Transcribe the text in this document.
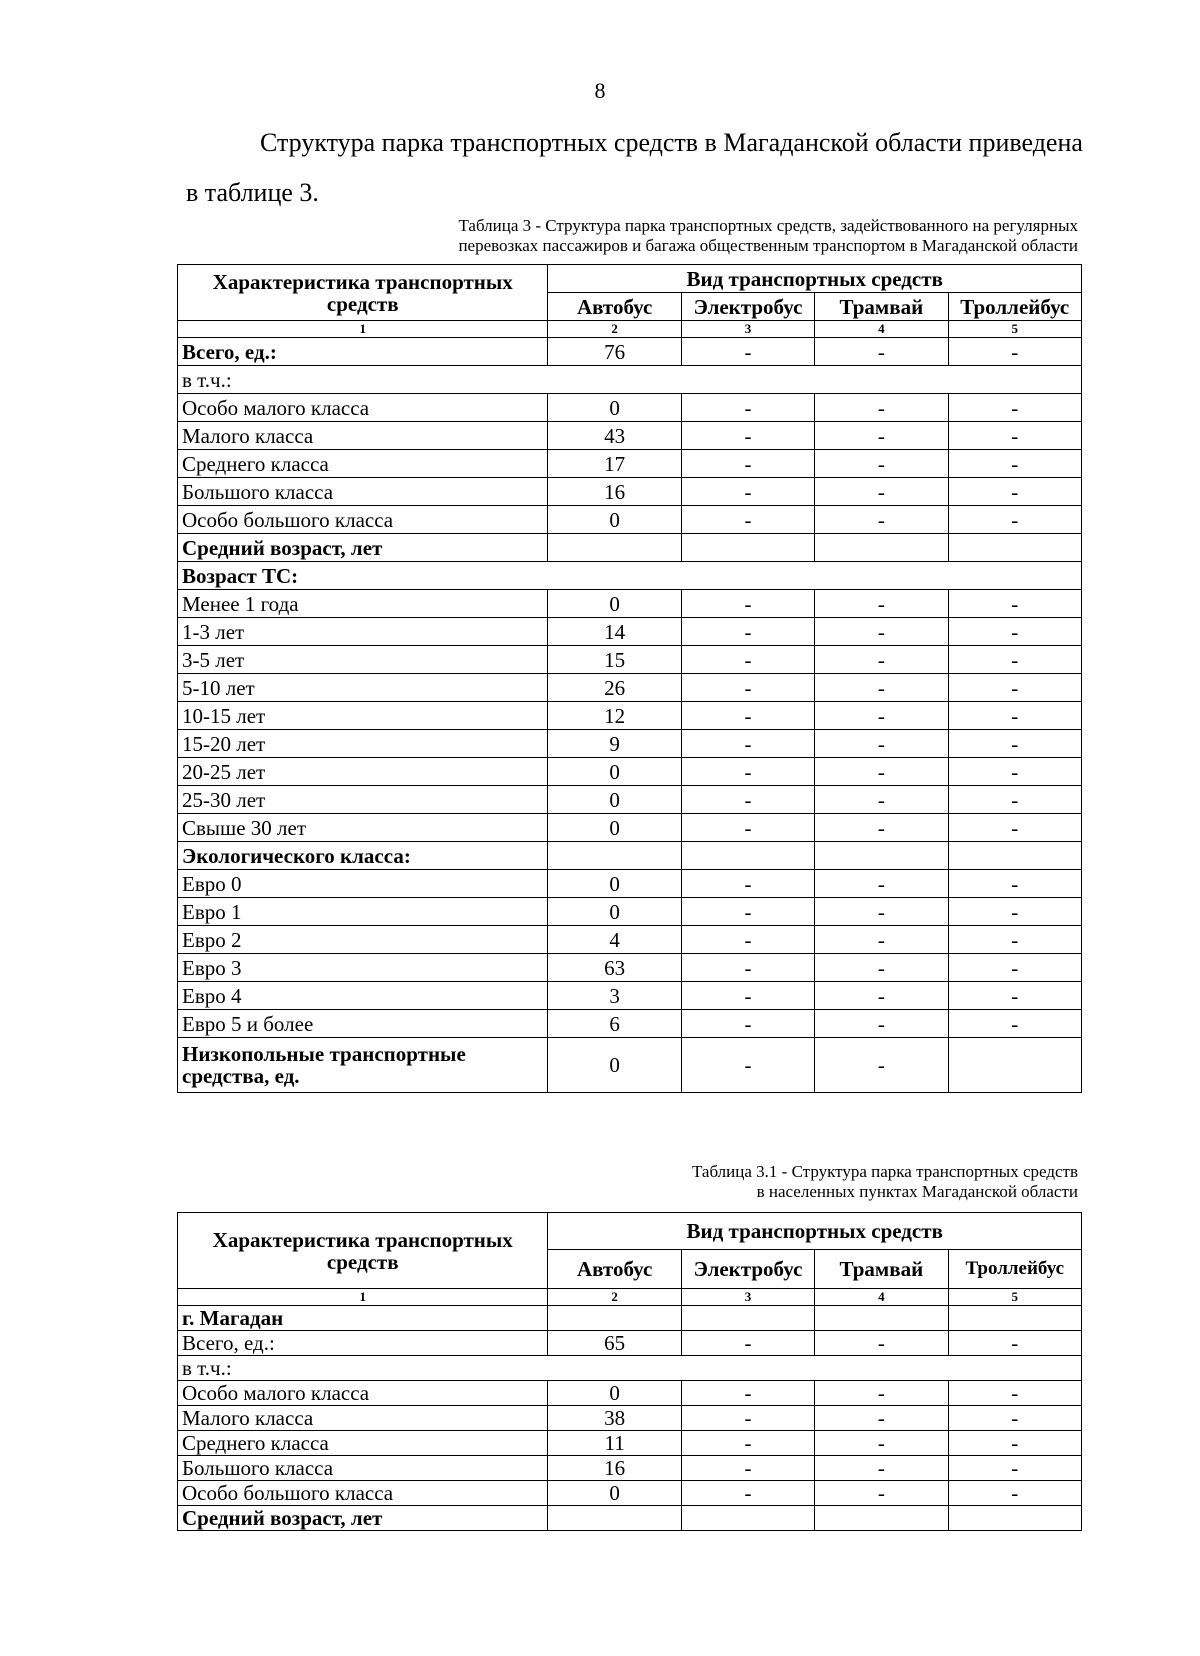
8
Структура парка транспортных средств в Магаданской области приведена
в таблице 3.
Таблица 3 - Структура парка транспортных средств, задействованного на регулярных
перевозках пассажиров и багажа общественным транспортом в Магаданской области
Характеристика транспортных средств	Вид транспортных средств			
	Автобус	Электробус	Трамвай	Троллейбус
1	2	3	4	5
Всего, ед.:	76	-	-	-
в т.ч.:				
Особо малого класса	0	-	-	-
Малого класса	43	-	-	-
Среднего класса	17	-	-	-
Большого класса	16	-	-	-
Особо большого класса	0	-	-	-
Средний возраст, лет				
Возраст ТС:				
Менее 1 года	0	-	-	-
1-3 лет	14	-	-	-
3-5 лет	15	-	-	-
5-10 лет	26	-	-	-
10-15 лет	12	-	-	-
15-20 лет	9	-	-	-
20-25 лет	0	-	-	-
25-30 лет	0	-	-	-
Свыше 30 лет	0	-	-	-
Экологического класса:				
Евро 0	0	-	-	-
Евро 1	0	-	-	-
Евро 2	4	-	-	-
Евро 3	63	-	-	-
Евро 4	3	-	-	-
Евро 5 и более	6	-	-	-
Низкопольные транспортные средства, ед.	0	-	-	
Таблица 3.1 - Структура парка транспортных средств
в населенных пунктах Магаданской области
Характеристика транспортных средств	Вид транспортных средств			
	Автобус	Электробус	Трамвай	Троллейбус
1	2	3	4	5
г. Магадан				
Всего, ед.:	65	-	-	-
в т.ч.:				
Особо малого класса	0	-	-	-
Малого класса	38	-	-	-
Среднего класса	11	-	-	-
Большого класса	16	-	-	-
Особо большого класса	0	-	-	-
Средний возраст, лет				
